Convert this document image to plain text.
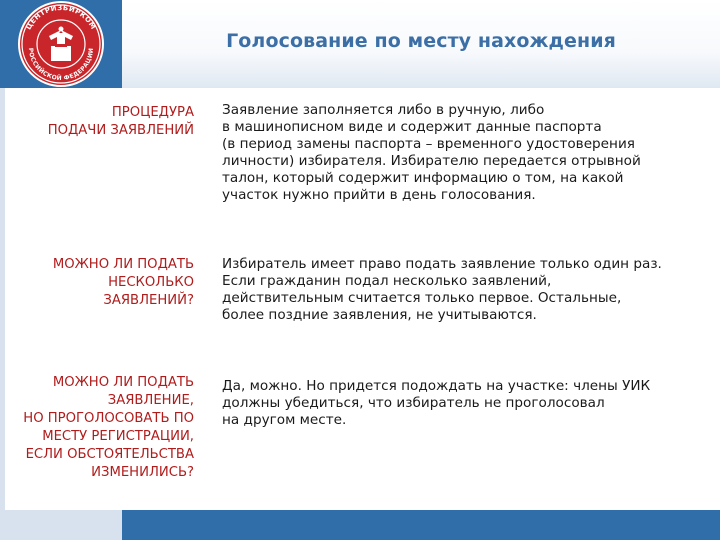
ЦЕНТРИЗБИРКОМ
РОССИЙСКОЙ ФЕДЕРАЦИИ	Голосование по месту нахождения
ПРОЦЕДУРА
ПОДАЧИ ЗАЯВЛЕНИЙ
Заявление заполняется либо в ручную, либо
в машинописном виде и содержит данные паспорта
(в период замены паспорта – временного удостоверения
личности) избирателя. Избирателю передается отрывной
талон, который содержит информацию о том, на какой
участок нужно прийти в день голосования.
МОЖНО ЛИ ПОДАТЬ
НЕСКОЛЬКО
ЗАЯВЛЕНИЙ?
Избиратель имеет право подать заявление только один раз.
Если гражданин подал несколько заявлений,
действительным считается только первое. Остальные,
более поздние заявления, не учитываются.
МОЖНО ЛИ ПОДАТЬ
ЗАЯВЛЕНИЕ,
НО ПРОГОЛОСОВАТЬ ПО
МЕСТУ РЕГИСТРАЦИИ,
ЕСЛИ ОБСТОЯТЕЛЬСТВА
ИЗМЕНИЛИСЬ?
Да, можно. Но придется подождать на участке: члены УИК
должны убедиться, что избиратель не проголосовал
на другом месте.
